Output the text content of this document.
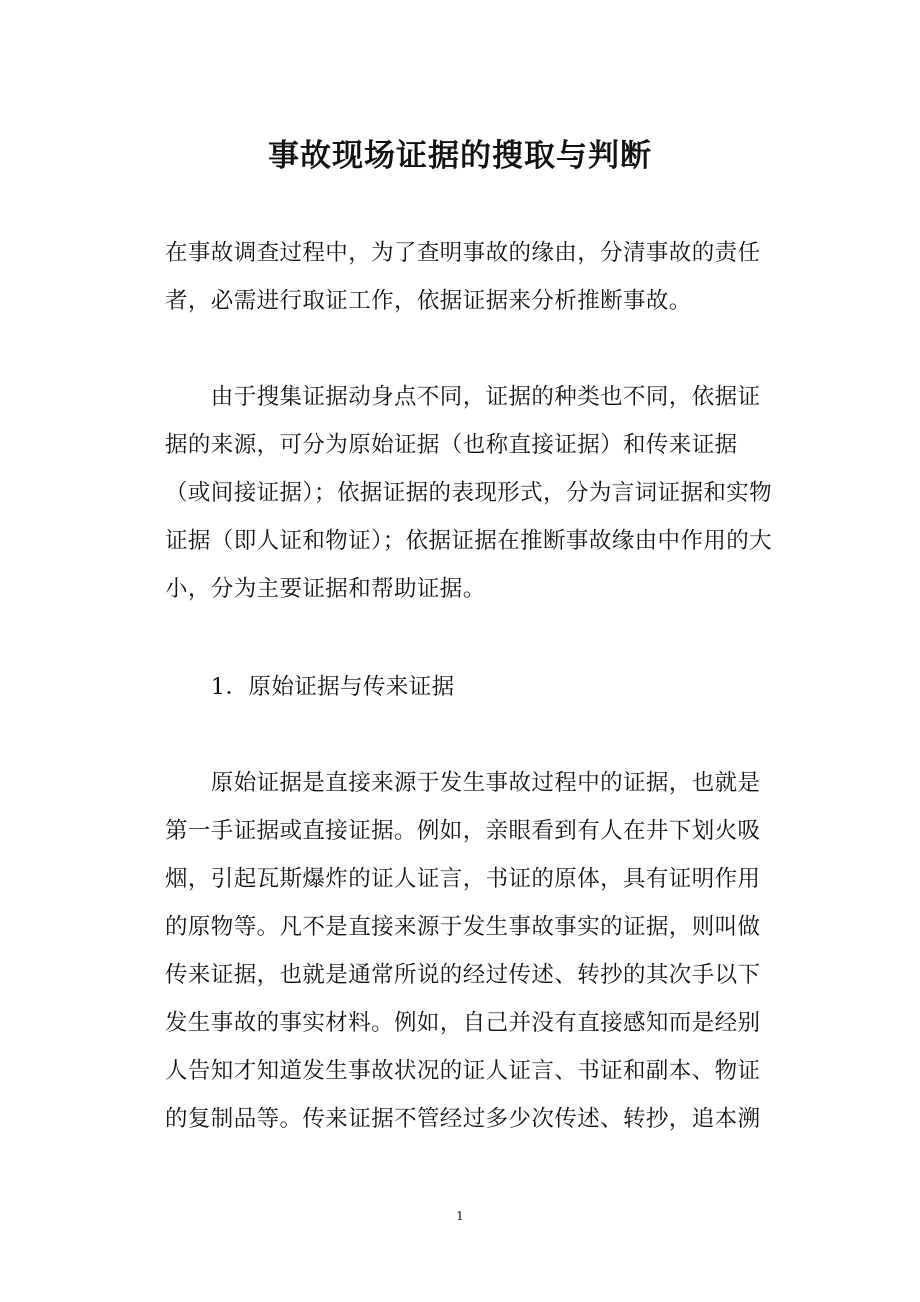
事故现场证据的搜取与判断
在事故调查过程中，为了查明事故的缘由，分清事故的责任
者，必需进行取证工作，依据证据来分析推断事故。
　　由于搜集证据动身点不同，证据的种类也不同，依据证
据的来源，可分为原始证据（也称直接证据）和传来证据
（或间接证据）；依据证据的表现形式，分为言词证据和实物
证据（即人证和物证）；依据证据在推断事故缘由中作用的大
小，分为主要证据和帮助证据。
　　1．原始证据与传来证据
　　原始证据是直接来源于发生事故过程中的证据，也就是
第一手证据或直接证据。例如，亲眼看到有人在井下划火吸
烟，引起瓦斯爆炸的证人证言，书证的原体，具有证明作用
的原物等。凡不是直接来源于发生事故事实的证据，则叫做
传来证据，也就是通常所说的经过传述、转抄的其次手以下
发生事故的事实材料。例如，自己并没有直接感知而是经别
人告知才知道发生事故状况的证人证言、书证和副本、物证
的复制品等。传来证据不管经过多少次传述、转抄，追本溯
1
